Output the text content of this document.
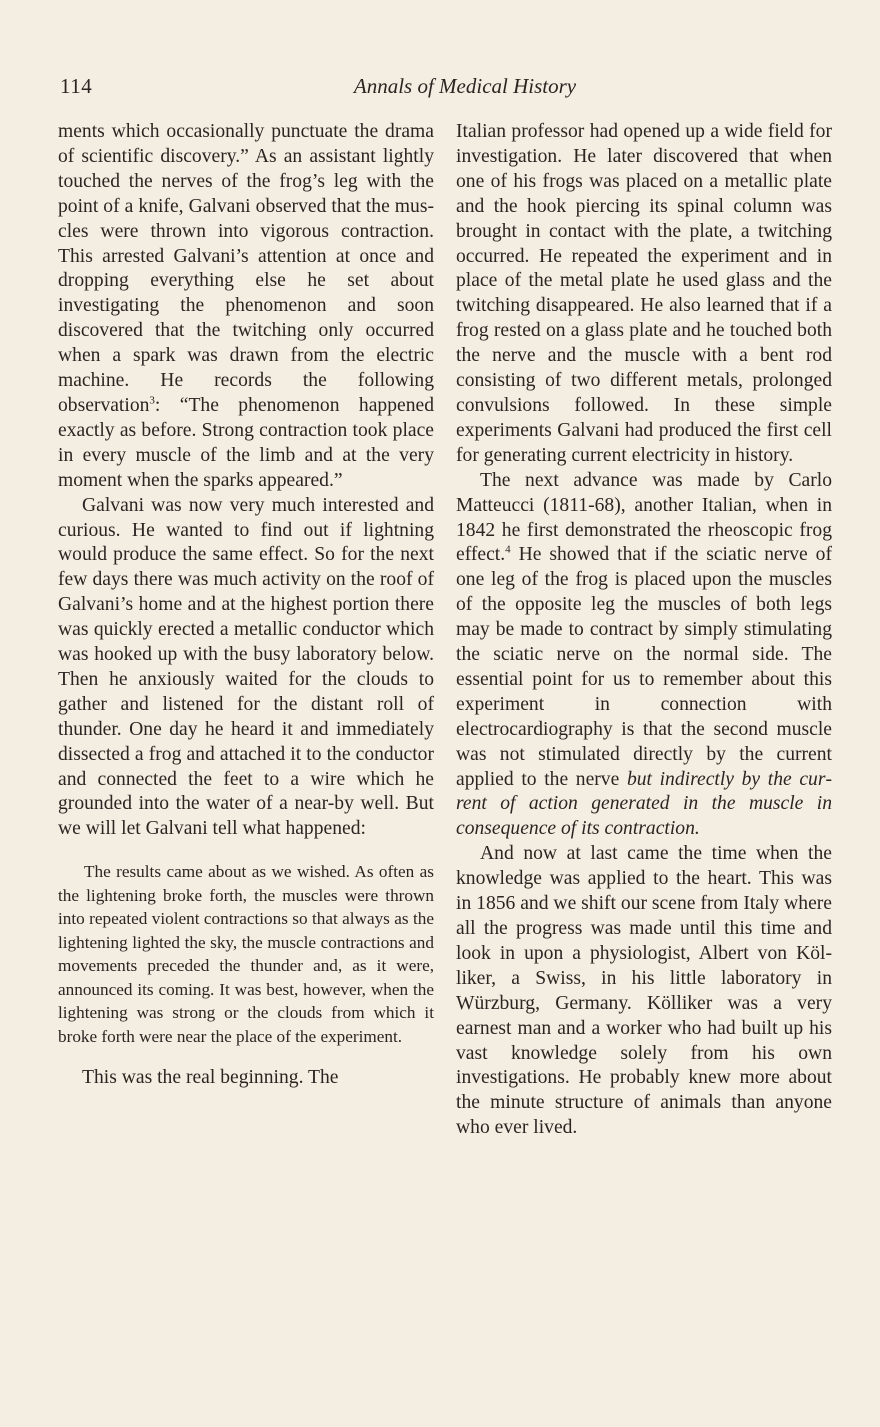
114	Annals of Medical History

ments which occasionally punctuate the drama of scientific discovery.” As an assistant lightly touched the nerves of the frog’s leg with the point of a knife, Galvani observed that the muscles were thrown into vigorous contraction. This arrested Galvani’s attention at once and dropping everything else he set about investigating the phenomenon and soon discovered that the twitching only occurred when a spark was drawn from the electric machine. He records the following observation$^3$: “The phenomenon happened exactly as before. Strong contraction took place in every muscle of the limb and at the very moment when the sparks appeared.”

Galvani was now very much interested and curious. He wanted to find out if lightning would produce the same effect. So for the next few days there was much activity on the roof of Galvani’s home and at the highest portion there was quickly erected a metallic conductor which was hooked up with the busy laboratory below. Then he anxiously waited for the clouds to gather and listened for the distant roll of thunder. One day he heard it and immediately dissected a frog and attached it to the conductor and connected the feet to a wire which he grounded into the water of a near-by well. But we will let Galvani tell what happened:

The results came about as we wished. As often as the lightening broke forth, the muscles were thrown into repeated violent contractions so that always as the lightening lighted the sky, the muscle contractions and movements preceded the thunder and, as it were, announced its coming. It was best, however, when the lightening was strong or the clouds from which it broke forth were near the place of the experiment.

This was the real beginning. The

Italian professor had opened up a wide field for investigation. He later discovered that when one of his frogs was placed on a metallic plate and the hook piercing its spinal column was brought in contact with the plate, a twitching occurred. He repeated the experiment and in place of the metal plate he used glass and the twitching disappeared. He also learned that if a frog rested on a glass plate and he touched both the nerve and the muscle with a bent rod consisting of two different metals, prolonged convulsions followed. In these simple experiments Galvani had produced the first cell for generating current electricity in history.

The next advance was made by Carlo Matteucci (1811-68), another Italian, when in 1842 he first demonstrated the rheoscopic frog effect.$^4$ He showed that if the sciatic nerve of one leg of the frog is placed upon the muscles of the opposite leg the muscles of both legs may be made to contract by simply stimulating the sciatic nerve on the normal side. The essential point for us to remember about this experiment in connection with electrocardiography is that the second muscle was not stimulated directly by the current applied to the nerve but indirectly by the current of action generated in the muscle in consequence of its contraction.

And now at last came the time when the knowledge was applied to the heart. This was in 1856 and we shift our scene from Italy where all the progress was made until this time and look in upon a physiologist, Albert von Kölliker, a Swiss, in his little laboratory in Würzburg, Germany. Kölliker was a very earnest man and a worker who had built up his vast knowledge solely from his own investigations. He probably knew more about the minute structure of animals than anyone who ever lived.
